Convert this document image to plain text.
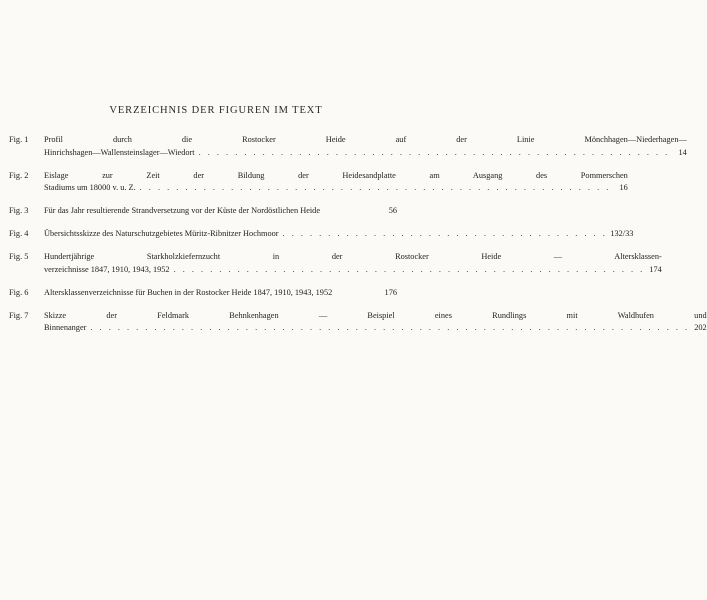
VERZEICHNIS DER FIGUREN IM TEXT
Fig. 1	Profil durch die Rostocker Heide auf der Linie Mönchhagen—Niederhagen—
Hinrichshagen—Wallensteinslager—Wiedort . . . . . . . . . . . . . . . . . . . . . . . . . . . . . . . . . . . . . . . . . . . . . . . . . . . .	14
Fig. 2	Eislage zur Zeit der Bildung der Heidesandplatte am Ausgang des Pommerschen
Stadiums um 18000 v. u. Z. . . . . . . . . . . . . . . . . . . . . . . . . . . . . . . . . . . . . . . . . . . . . . . . . . . . .	16
Fig. 3	Für das Jahr resultierende Strandversetzung vor der Küste der Nordöstlichen Heide	56
Fig. 4	Übersichtsskizze des Naturschutzgebietes Müritz-Ribnitzer Hochmoor . . . . . . . . . . . . . . . . . . . . . . . . . . . . . . . . . . . . 132/33
Fig. 5	Hundertjährige Starkholzkiefernzucht in der Rostocker Heide — Altersklassen-
verzeichnisse 1847, 1910, 1943, 1952 . . . . . . . . . . . . . . . . . . . . . . . . . . . . . . . . . . . . . . . . . . . . . . . . . . . . 174
Fig. 6	Altersklassenverzeichnisse für Buchen in der Rostocker Heide 1847, 1910, 1943, 1952	176
Fig. 7	Skizze der Feldmark Behnkenhagen — Beispiel eines Rundlings mit Waldhufen und
Binnenanger . . . . . . . . . . . . . . . . . . . . . . . . . . . . . . . . . . . . . . . . . . . . . . . . . . . . . . . . . . . . . . . . . . 202
